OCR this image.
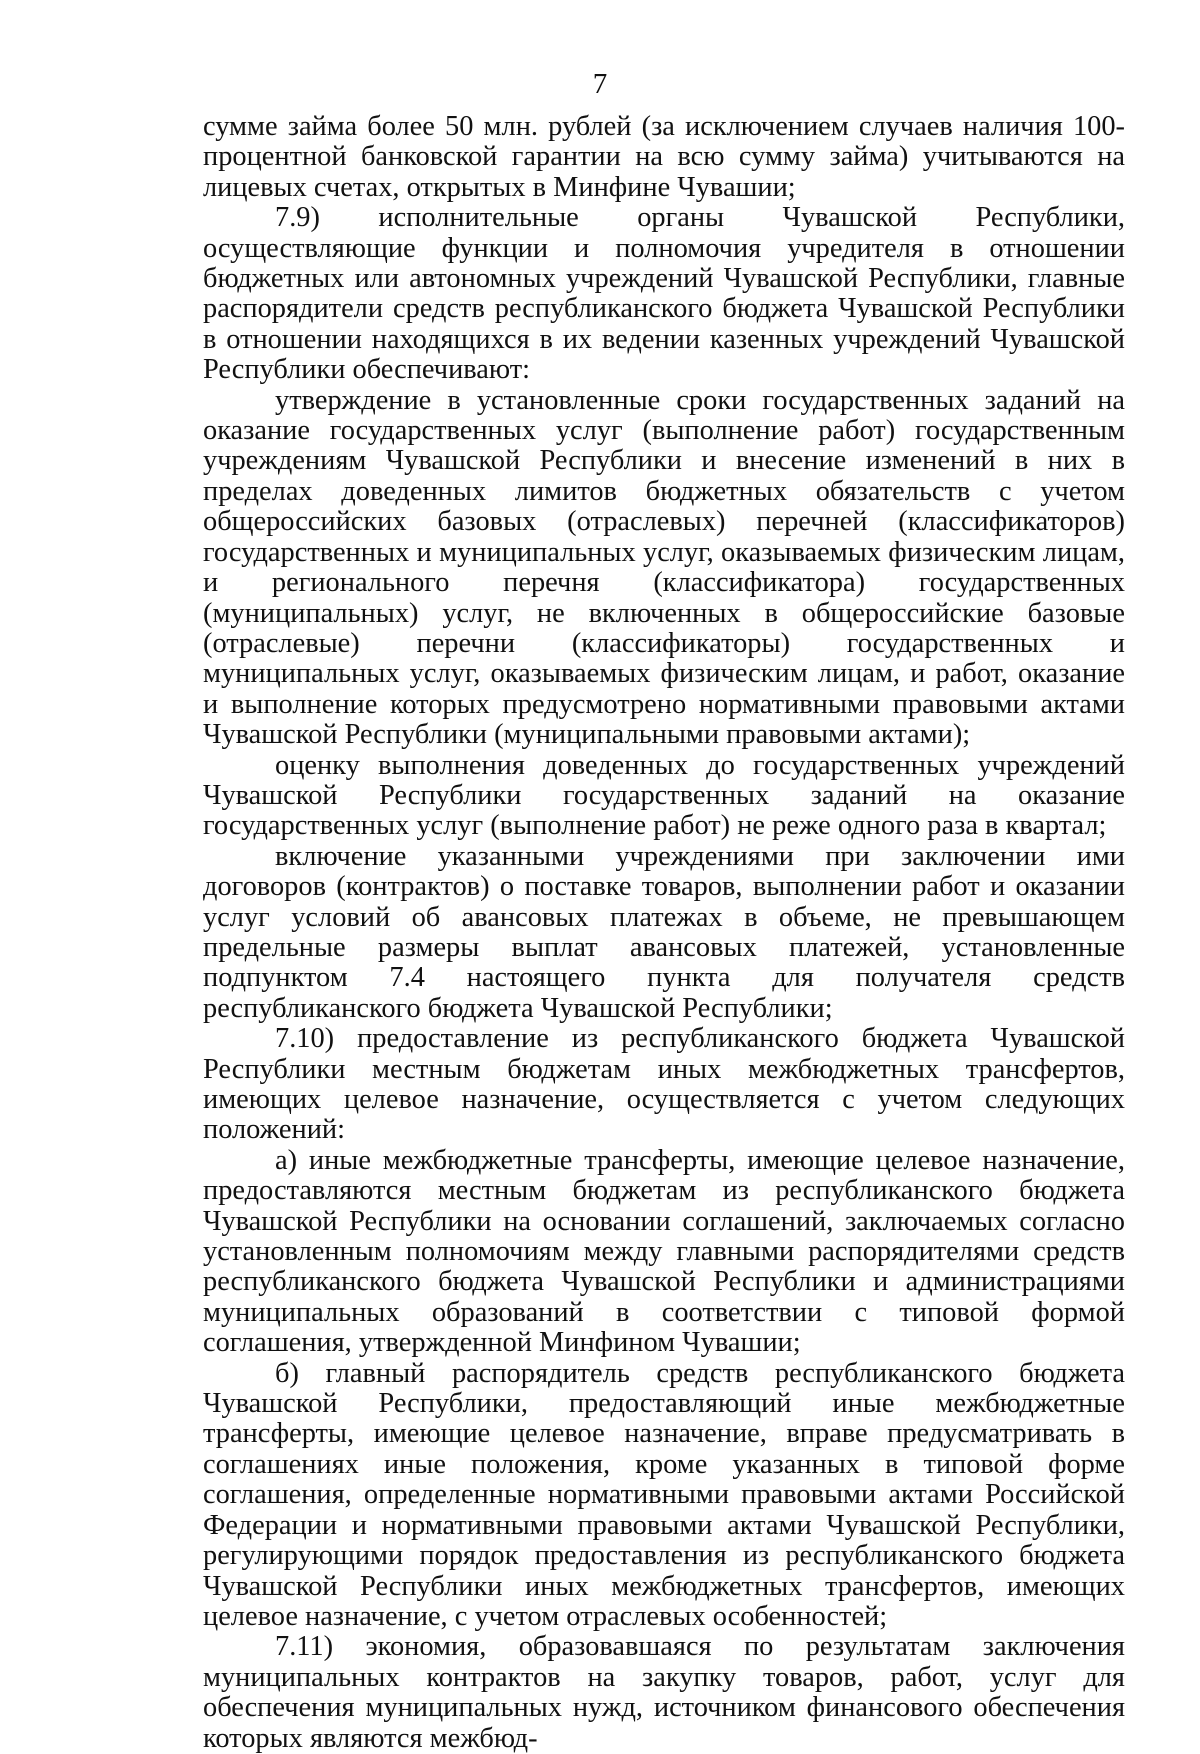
7

сумме займа более 50 млн. рублей (за исключением случаев наличия 100-процентной банковской гарантии на всю сумму займа) учитываются на лицевых счетах, открытых в Минфине Чувашии;

7.9) исполнительные органы Чувашской Республики, осуществляющие функции и полномочия учредителя в отношении бюджетных или автономных учреждений Чувашской Республики, главные распорядители средств республиканского бюджета Чувашской Республики в отношении находящихся в их ведении казенных учреждений Чувашской Республики обеспечивают:

утверждение в установленные сроки государственных заданий на оказание государственных услуг (выполнение работ) государственным учреждениям Чувашской Республики и внесение изменений в них в пределах доведенных лимитов бюджетных обязательств с учетом общероссийских базовых (отраслевых) перечней (классификаторов) государственных и муниципальных услуг, оказываемых физическим лицам, и регионального перечня (классификатора) государственных (муниципальных) услуг, не включенных в общероссийские базовые (отраслевые) перечни (классификаторы) государственных и муниципальных услуг, оказываемых физическим лицам, и работ, оказание и выполнение которых предусмотрено нормативными правовыми актами Чувашской Республики (муниципальными правовыми актами);

оценку выполнения доведенных до государственных учреждений Чувашской Республики государственных заданий на оказание государственных услуг (выполнение работ) не реже одного раза в квартал;

включение указанными учреждениями при заключении ими договоров (контрактов) о поставке товаров, выполнении работ и оказании услуг условий об авансовых платежах в объеме, не превышающем предельные размеры выплат авансовых платежей, установленные подпунктом 7.4 настоящего пункта для получателя средств республиканского бюджета Чувашской Республики;

7.10) предоставление из республиканского бюджета Чувашской Республики местным бюджетам иных межбюджетных трансфертов, имеющих целевое назначение, осуществляется с учетом следующих положений:

а) иные межбюджетные трансферты, имеющие целевое назначение, предоставляются местным бюджетам из республиканского бюджета Чувашской Республики на основании соглашений, заключаемых согласно установленным полномочиям между главными распорядителями средств республиканского бюджета Чувашской Республики и администрациями муниципальных образований в соответствии с типовой формой соглашения, утвержденной Минфином Чувашии;

б) главный распорядитель средств республиканского бюджета Чувашской Республики, предоставляющий иные межбюджетные трансферты, имеющие целевое назначение, вправе предусматривать в соглашениях иные положения, кроме указанных в типовой форме соглашения, определенные нормативными правовыми актами Российской Федерации и нормативными правовыми актами Чувашской Республики, регулирующими порядок предоставления из республиканского бюджета Чувашской Республики иных межбюджетных трансфертов, имеющих целевое назначение, с учетом отраслевых особенностей;

7.11) экономия, образовавшаяся по результатам заключения муниципальных контрактов на закупку товаров, работ, услуг для обеспечения муниципальных нужд, источником финансового обеспечения которых являются межбюд-
